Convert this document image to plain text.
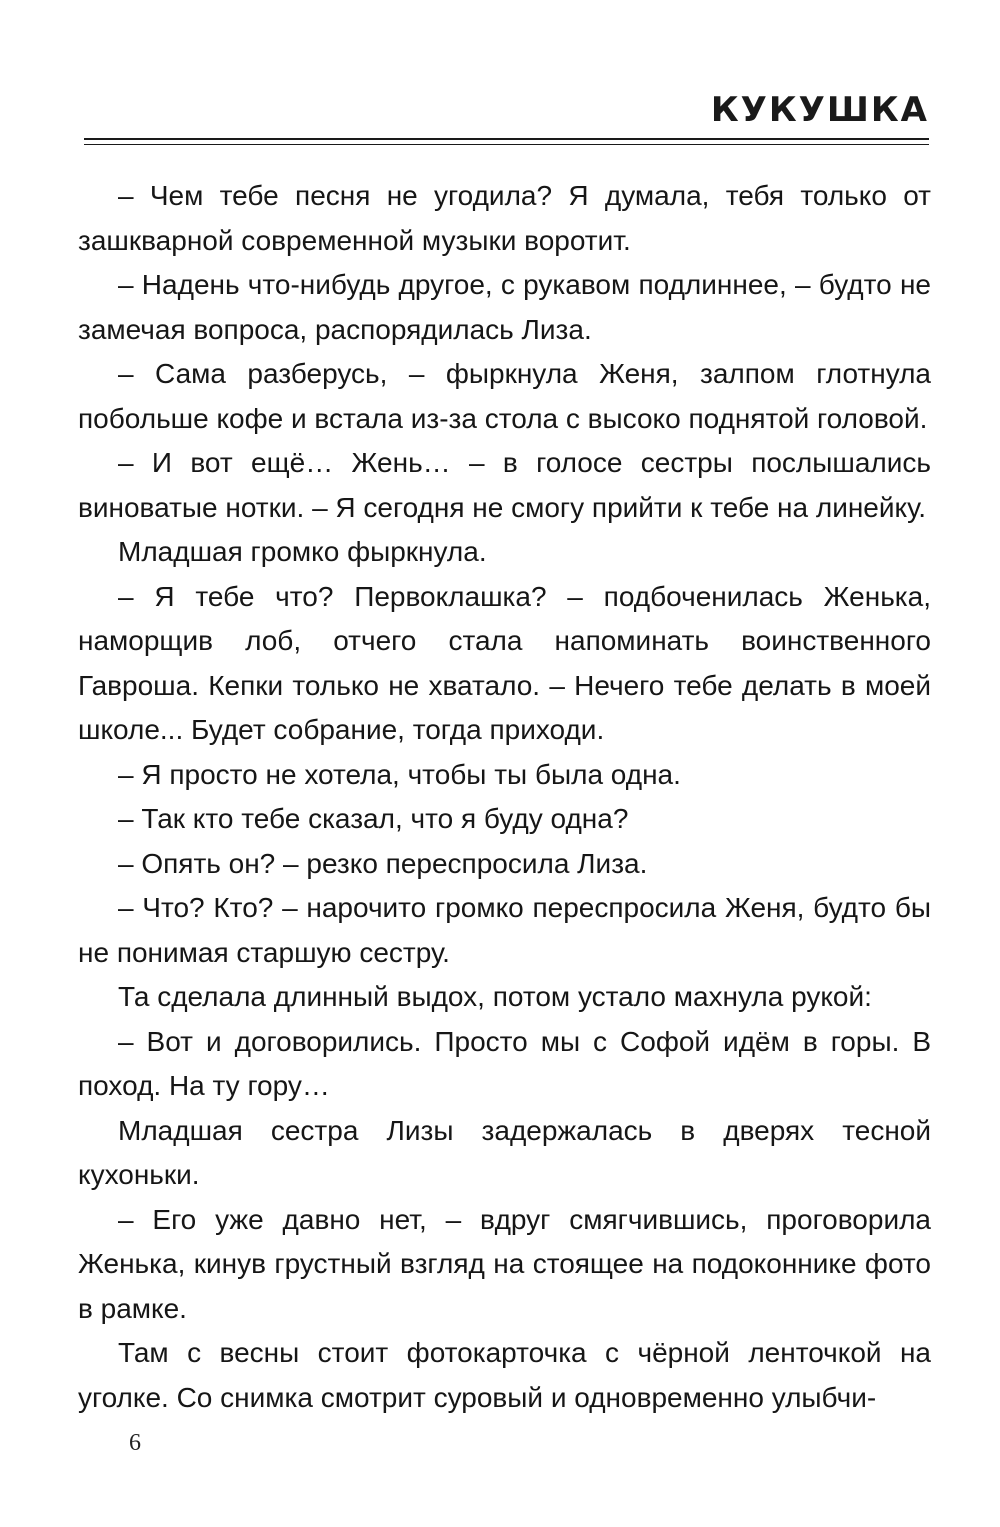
КУКУШКА

– Чем тебе песня не угодила? Я думала, тебя только от зашкварной современной музыки воротит.

– Надень что-нибудь другое, с рукавом подлиннее, – будто не замечая вопроса, распорядилась Лиза.

– Сама разберусь, – фыркнула Женя, залпом глотнула побольше кофе и встала из-за стола с высоко поднятой головой.

– И вот ещё… Жень… – в голосе сестры послышались виноватые нотки. – Я сегодня не смогу прийти к тебе на линейку.

Младшая громко фыркнула.

– Я тебе что? Первоклашка? – подбоченилась Женька, наморщив лоб, отчего стала напоминать воинственного Гавроша. Кепки только не хватало. – Нечего тебе делать в моей школе... Будет собрание, тогда приходи.

– Я просто не хотела, чтобы ты была одна.

– Так кто тебе сказал, что я буду одна?

– Опять он? – резко переспросила Лиза.

– Что? Кто? – нарочито громко переспросила Женя, будто бы не понимая старшую сестру.

Та сделала длинный выдох, потом устало махнула рукой:

– Вот и договорились. Просто мы с Софой идём в горы. В поход. На ту гору…

Младшая сестра Лизы задержалась в дверях тесной кухоньки.

– Его уже давно нет, – вдруг смягчившись, проговорила Женька, кинув грустный взгляд на стоящее на подоконнике фото в рамке.

Там с весны стоит фотокарточка с чёрной ленточкой на уголке. Со снимка смотрит суровый и одновременно улыбчи-

6
